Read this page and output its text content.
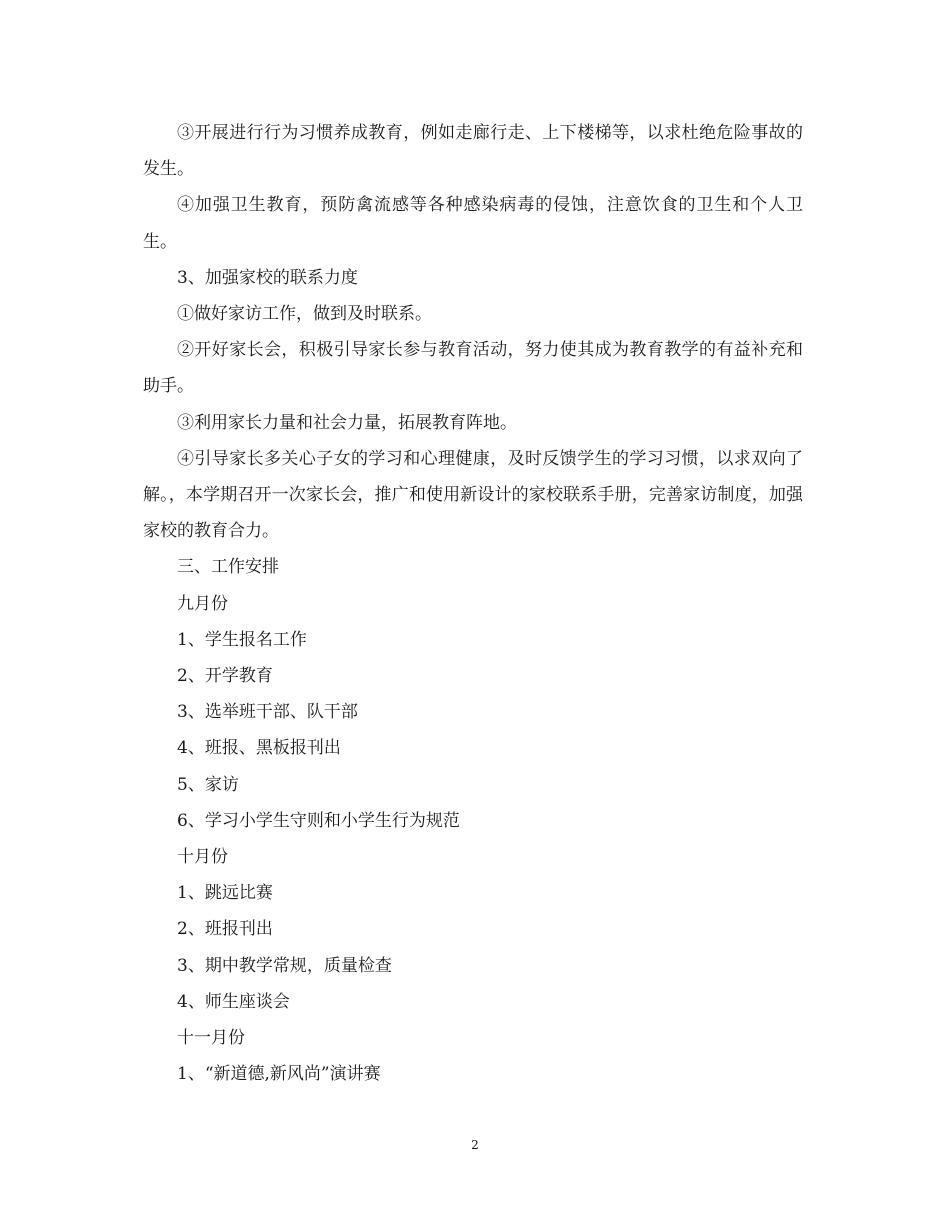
③开展进行行为习惯养成教育，例如走廊行走、上下楼梯等，以求杜绝危险事故的发生。

④加强卫生教育，预防禽流感等各种感染病毒的侵蚀，注意饮食的卫生和个人卫生。

3、加强家校的联系力度

①做好家访工作，做到及时联系。

②开好家长会，积极引导家长参与教育活动，努力使其成为教育教学的有益补充和助手。

③利用家长力量和社会力量，拓展教育阵地。

④引导家长多关心子女的学习和心理健康，及时反馈学生的学习习惯，以求双向了解。，本学期召开一次家长会，推广和使用新设计的家校联系手册，完善家访制度，加强家校的教育合力。

三、工作安排

九月份

1、学生报名工作

2、开学教育

3、选举班干部、队干部

4、班报、黑板报刊出

5、家访

6、学习小学生守则和小学生行为规范

十月份

1、跳远比赛

2、班报刊出

3、期中教学常规，质量检查

4、师生座谈会

十一月份

1、“新道德,新风尚”演讲赛

2
